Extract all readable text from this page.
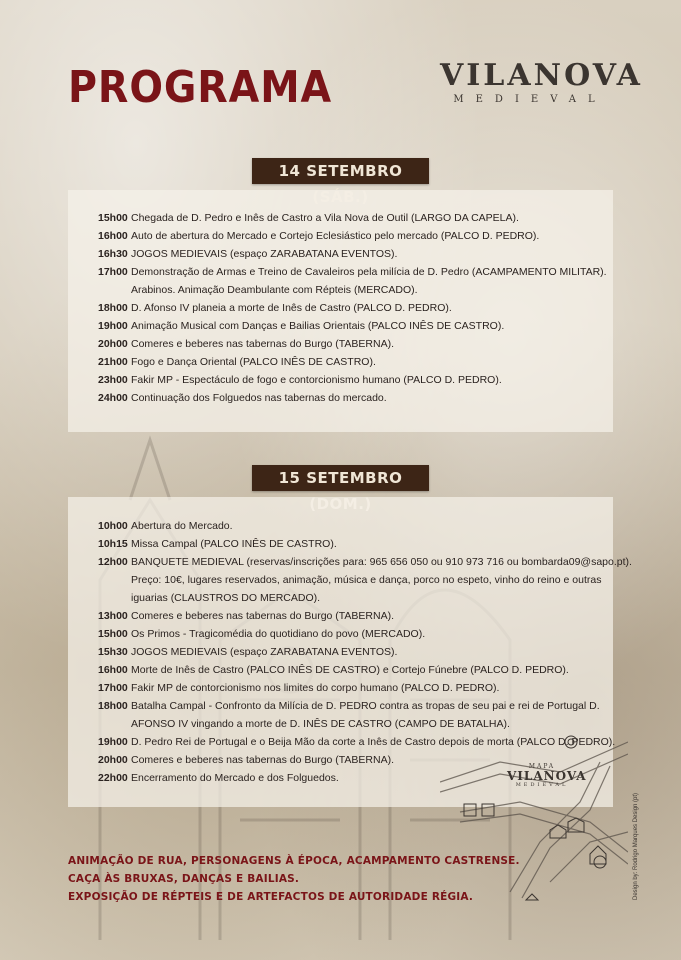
PROGRAMA	VILANOVA
MEDIEVAL
14 SETEMBRO
15h00 Chegada de D. Pedro e Inês de Castro a Vila Nova de Outil (LARGO DA CAPELA).
16h00 Auto de abertura do Mercado e Cortejo Eclesiástico pelo mercado (PALCO D. PEDRO).
16h30 JOGOS MEDIEVAIS (espaço ZARABATANA EVENTOS).
17h00 Demonstração de Armas e Treino de Cavaleiros pela milícia de D. Pedro (ACAMPAMENTO MILITAR).
Arabinos. Animação Deambulante com Répteis (MERCADO).
18h00 D. Afonso IV planeia a morte de Inês de Castro (PALCO D. PEDRO).
19h00 Animação Musical com Danças e Bailias Orientais (PALCO INÊS DE CASTRO).
20h00 Comeres e beberes nas tabernas do Burgo (TABERNA).
21h00 Fogo e Dança Oriental (PALCO INÊS DE CASTRO).
23h00 Fakir MP - Espectáculo de fogo e contorcionismo humano (PALCO D. PEDRO).
24h00 Continuação dos Folguedos nas tabernas do mercado.
15 SETEMBRO
10h00 Abertura do Mercado.
10h15 Missa Campal (PALCO INÊS DE CASTRO).
12h00 BANQUETE MEDIEVAL (reservas/inscrições para: 965 656 050 ou 910 973 716 ou bombarda09@sapo.pt).
Preço: 10€, lugares reservados, animação, música e dança, porco no espeto, vinho do reino e outras
iguarias (CLAUSTROS DO MERCADO).
13h00 Comeres e beberes nas tabernas do Burgo (TABERNA).
15h00 Os Primos - Tragicomédia do quotidiano do povo (MERCADO).
15h30 JOGOS MEDIEVAIS (espaço ZARABATANA EVENTOS).
16h00 Morte de Inês de Castro (PALCO INÊS DE CASTRO) e Cortejo Fúnebre (PALCO D. PEDRO).
17h00 Fakir MP de contorcionismo nos limites do corpo humano (PALCO D. PEDRO).
18h00 Batalha Campal - Confronto da Milícia de D. PEDRO contra as tropas de seu pai e rei de Portugal D.
AFONSO IV vingando a morte de D. INÊS DE CASTRO (CAMPO DE BATALHA).
19h00 D. Pedro Rei de Portugal e o Beija Mão da corte a Inês de Castro depois de morta (PALCO D. PEDRO).
20h00 Comeres e beberes nas tabernas do Burgo (TABERNA).
22h00 Encerramento do Mercado e dos Folguedos.
ANIMAÇÃO DE RUA, PERSONAGENS À ÉPOCA, ACAMPAMENTO CASTRENSE.
CAÇA ÀS BRUXAS, DANÇAS E BAILIAS.
EXPOSIÇÃO DE RÉPTEIS E DE ARTEFACTOS DE AUTORIDADE RÉGIA.
MAPA
VILANOVA
MEDIEVAL
Design by: Rodrigo Marques Design (pt)
